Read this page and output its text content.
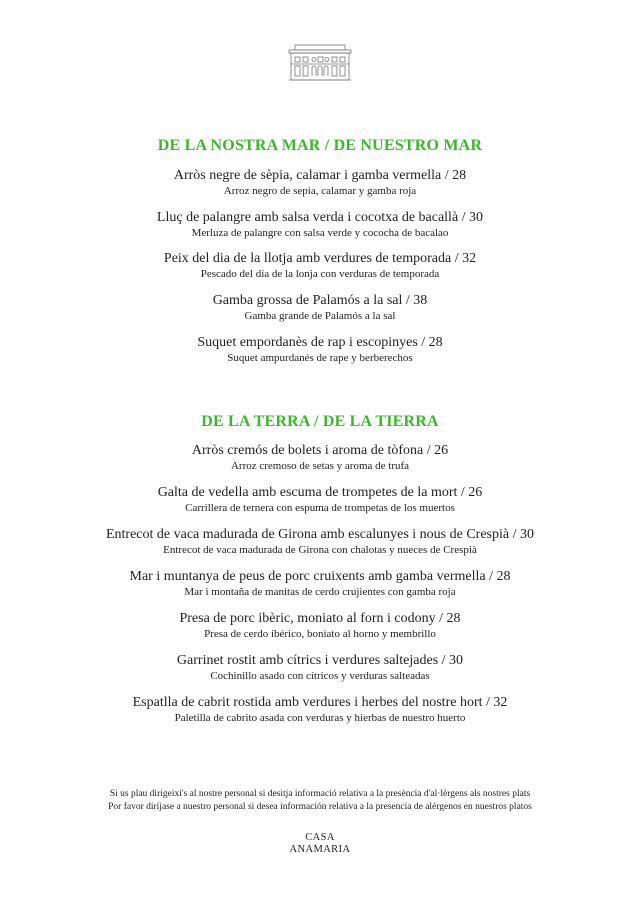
DE LA NOSTRA MAR / DE NUESTRO MAR
Arròs negre de sèpia, calamar i gamba vermella / 28
Arroz negro de sepia, calamar y gamba roja
Lluç de palangre amb salsa verda i cocotxa de bacallà / 30
Merluza de palangre con salsa verde y cococha de bacalao
Peix del dia de la llotja amb verdures de temporada / 32
Pescado del día de la lonja con verduras de temporada
Gamba grossa de Palamós a la sal / 38
Gamba grande de Palamós a la sal
Suquet empordanès de rap i escopinyes / 28
Suquet ampurdanés de rape y berberechos
DE LA TERRA / DE LA TIERRA
Arròs cremós de bolets i aroma de tòfona / 26
Arroz cremoso de setas y aroma de trufa
Galta de vedella amb escuma de trompetes de la mort / 26
Carrillera de ternera con espuma de trompetas de los muertos
Entrecot de vaca madurada de Girona amb escalunyes i nous de Crespià / 30
Entrecot de vaca madurada de Girona con chalotas y nueces de Crespià
Mar i muntanya de peus de porc cruixents amb gamba vermella / 28
Mar i montaña de manitas de cerdo crujientes con gamba roja
Presa de porc ibèric, moniato al forn i codony / 28
Presa de cerdo ibérico, boniato al horno y membrillo
Garrinet rostit amb cítrics i verdures saltejades / 30
Cochinillo asado con cítricos y verduras salteadas
Espatlla de cabrit rostida amb verdures i herbes del nostre hort / 32
Paletilla de cabrito asada con verduras y hierbas de nuestro huerto
Si us plau dirigeixi's al nostre personal si desitja informació relativa a la presència d'al·lèrgens als nostres plats
Por favor diríjase a nuestro personal si desea información relativa a la presencia de alérgenos en nuestros platos
CASA
ANAMARIA
